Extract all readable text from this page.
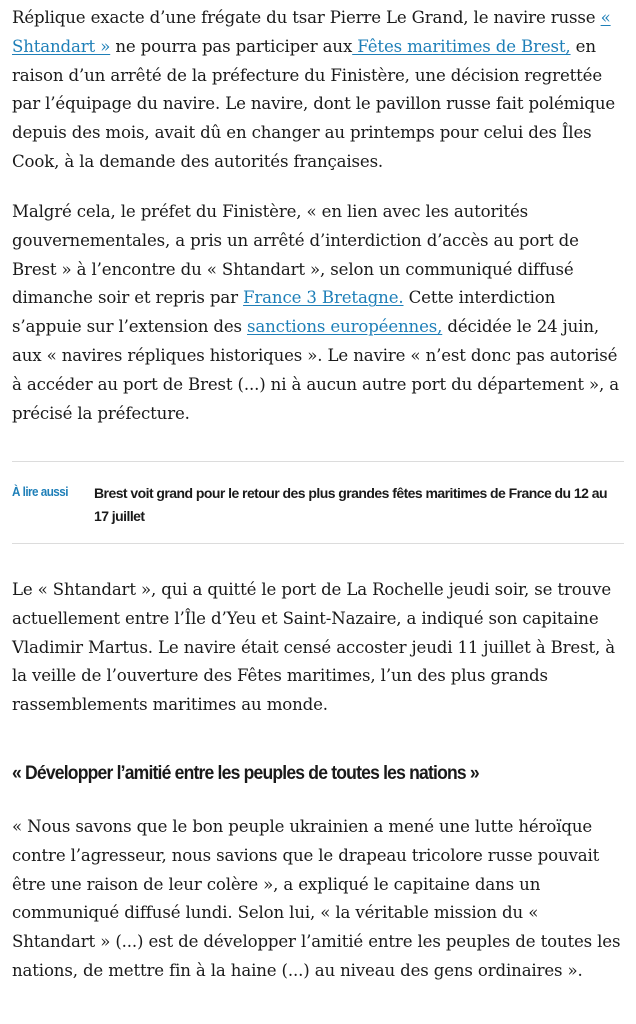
Réplique exacte d’une frégate du tsar Pierre Le Grand, le navire russe « Shtandart » ne pourra pas participer aux Fêtes maritimes de Brest, en raison d’un arrêté de la préfecture du Finistère, une décision regrettée par l’équipage du navire. Le navire, dont le pavillon russe fait polémique depuis des mois, avait dû en changer au printemps pour celui des Îles Cook, à la demande des autorités françaises.

Malgré cela, le préfet du Finistère, « en lien avec les autorités gouvernementales, a pris un arrêté d’interdiction d’accès au port de Brest » à l’encontre du « Shtandart », selon un communiqué diffusé dimanche soir et repris par France 3 Bretagne. Cette interdiction s’appuie sur l’extension des sanctions européennes, décidée le 24 juin, aux « navires répliques historiques ». Le navire « n’est donc pas autorisé à accéder au port de Brest (...) ni à aucun autre port du département », a précisé la préfecture.

À lire aussi Brest voit grand pour le retour des plus grandes fêtes maritimes de France du 12 au 17 juillet

Le « Shtandart », qui a quitté le port de La Rochelle jeudi soir, se trouve actuellement entre l’Île d’Yeu et Saint-Nazaire, a indiqué son capitaine Vladimir Martus. Le navire était censé accoster jeudi 11 juillet à Brest, à la veille de l’ouverture des Fêtes maritimes, l’un des plus grands rassemblements maritimes au monde.

« Développer l’amitié entre les peuples de toutes les nations »

« Nous savons que le bon peuple ukrainien a mené une lutte héroïque contre l’agresseur, nous savions que le drapeau tricolore russe pouvait être une raison de leur colère », a expliqué le capitaine dans un communiqué diffusé lundi. Selon lui, « la véritable mission du « Shtandart » (...) est de développer l’amitié entre les peuples de toutes les nations, de mettre fin à la haine (...) au niveau des gens ordinaires ».
